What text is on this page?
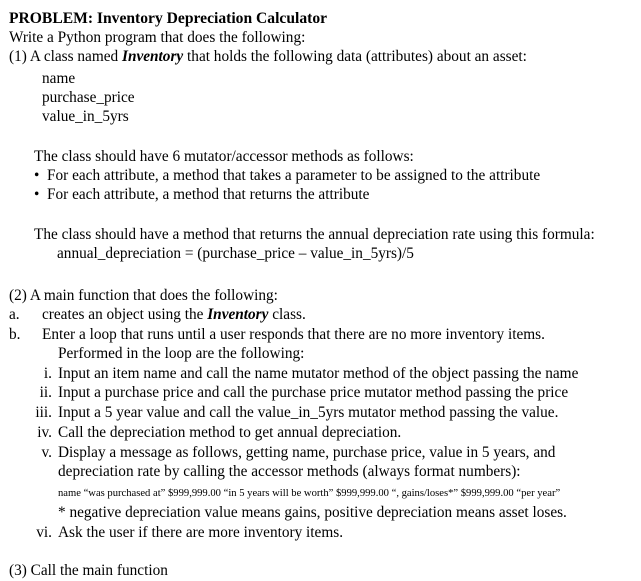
PROBLEM: Inventory Depreciation Calculator
Write a Python program that does the following:
(1) A class named Inventory that holds the following data (attributes) about an asset:
name
purchase_price
value_in_5yrs
The class should have 6 mutator/accessor methods as follows:
• For each attribute, a method that takes a parameter to be assigned to the attribute
• For each attribute, a method that returns the attribute
The class should have a method that returns the annual depreciation rate using this formula:
annual_depreciation = (purchase_price – value_in_5yrs)/5
(2) A main function that does the following:
a. creates an object using the Inventory class.
b. Enter a loop that runs until a user responds that there are no more inventory items.
Performed in the loop are the following:
i. Input an item name and call the name mutator method of the object passing the name
ii. Input a purchase price and call the purchase price mutator method passing the price
iii. Input a 5 year value and call the value_in_5yrs mutator method passing the value.
iv. Call the depreciation method to get annual depreciation.
v. Display a message as follows, getting name, purchase price, value in 5 years, and
depreciation rate by calling the accessor methods (always format numbers):
name “was purchased at” $999,999.00 “in 5 years will be worth” $999,999.00 “, gains/loses*” $999,999.00 “per year”
* negative depreciation value means gains, positive depreciation means asset loses.
vi. Ask the user if there are more inventory items.
(3) Call the main function
